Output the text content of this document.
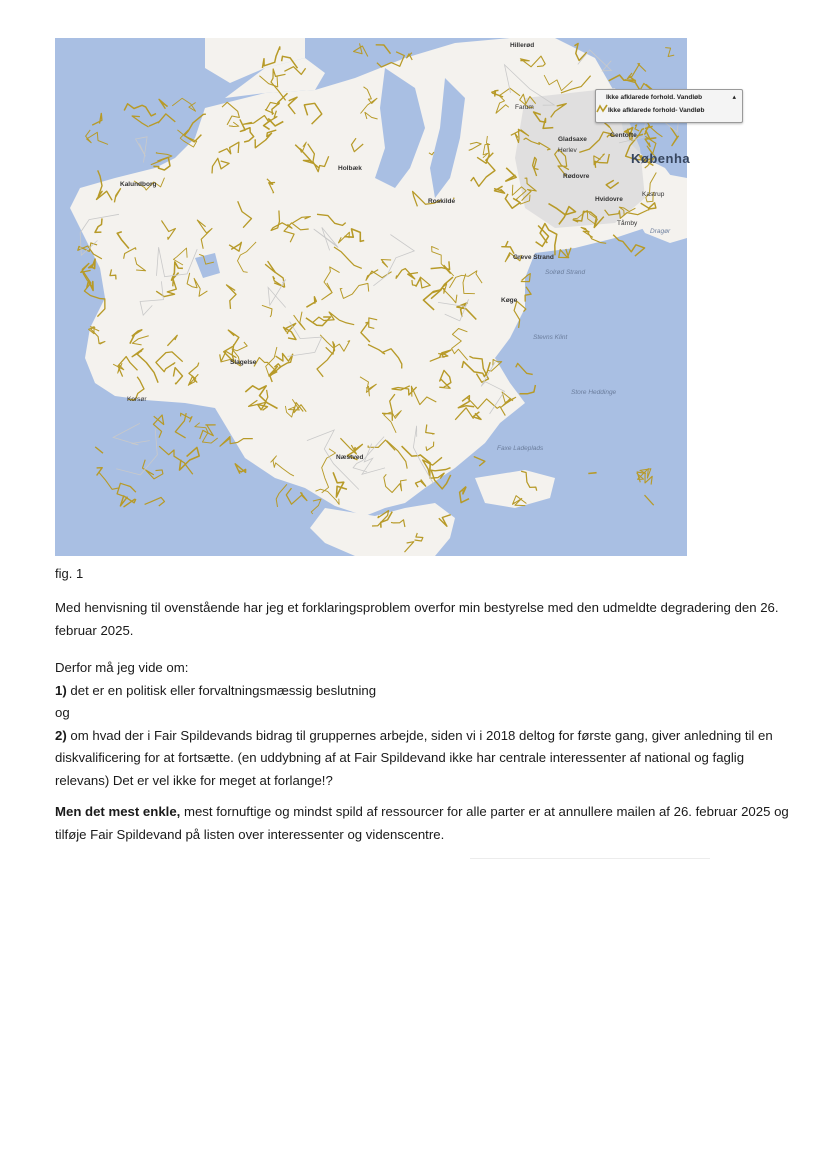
Ikke afklarede forhold. Vandløb	▴
Ikke afklarede forhold- Vandløb
Københa
Kalundborg
Holbæk
Roskilde
Slagelse
Næstved
Køge
Greve Strand
Hvidovre
Gladsaxe
Gentofte
Herlev
Rødovre
Kastrup
Tårnby
Dragør
Hillerød
Farum
Korsør
Stevns Klint
Faxe Ladeplads
Store Heddinge
Solrød Strand
fig. 1
Med henvisning til ovenstående har jeg et forklaringsproblem overfor min bestyrelse med den udmeldte degradering den 26. februar 2025.
Derfor må jeg vide om:
1) det er en politisk eller forvaltningsmæssig beslutning
og
2) om hvad der i Fair Spildevands bidrag til gruppernes arbejde, siden vi i 2018 deltog for første gang, giver anledning til en diskvalificering for at fortsætte. (en uddybning af at Fair Spildevand ikke har centrale interessenter af national og faglig relevans) Det er vel ikke for meget at forlange!?
Men det mest enkle, mest fornuftige og mindst spild af ressourcer for alle parter er at annullere mailen af 26. februar 2025 og tilføje Fair Spildevand på listen over interessenter og videnscentre.
